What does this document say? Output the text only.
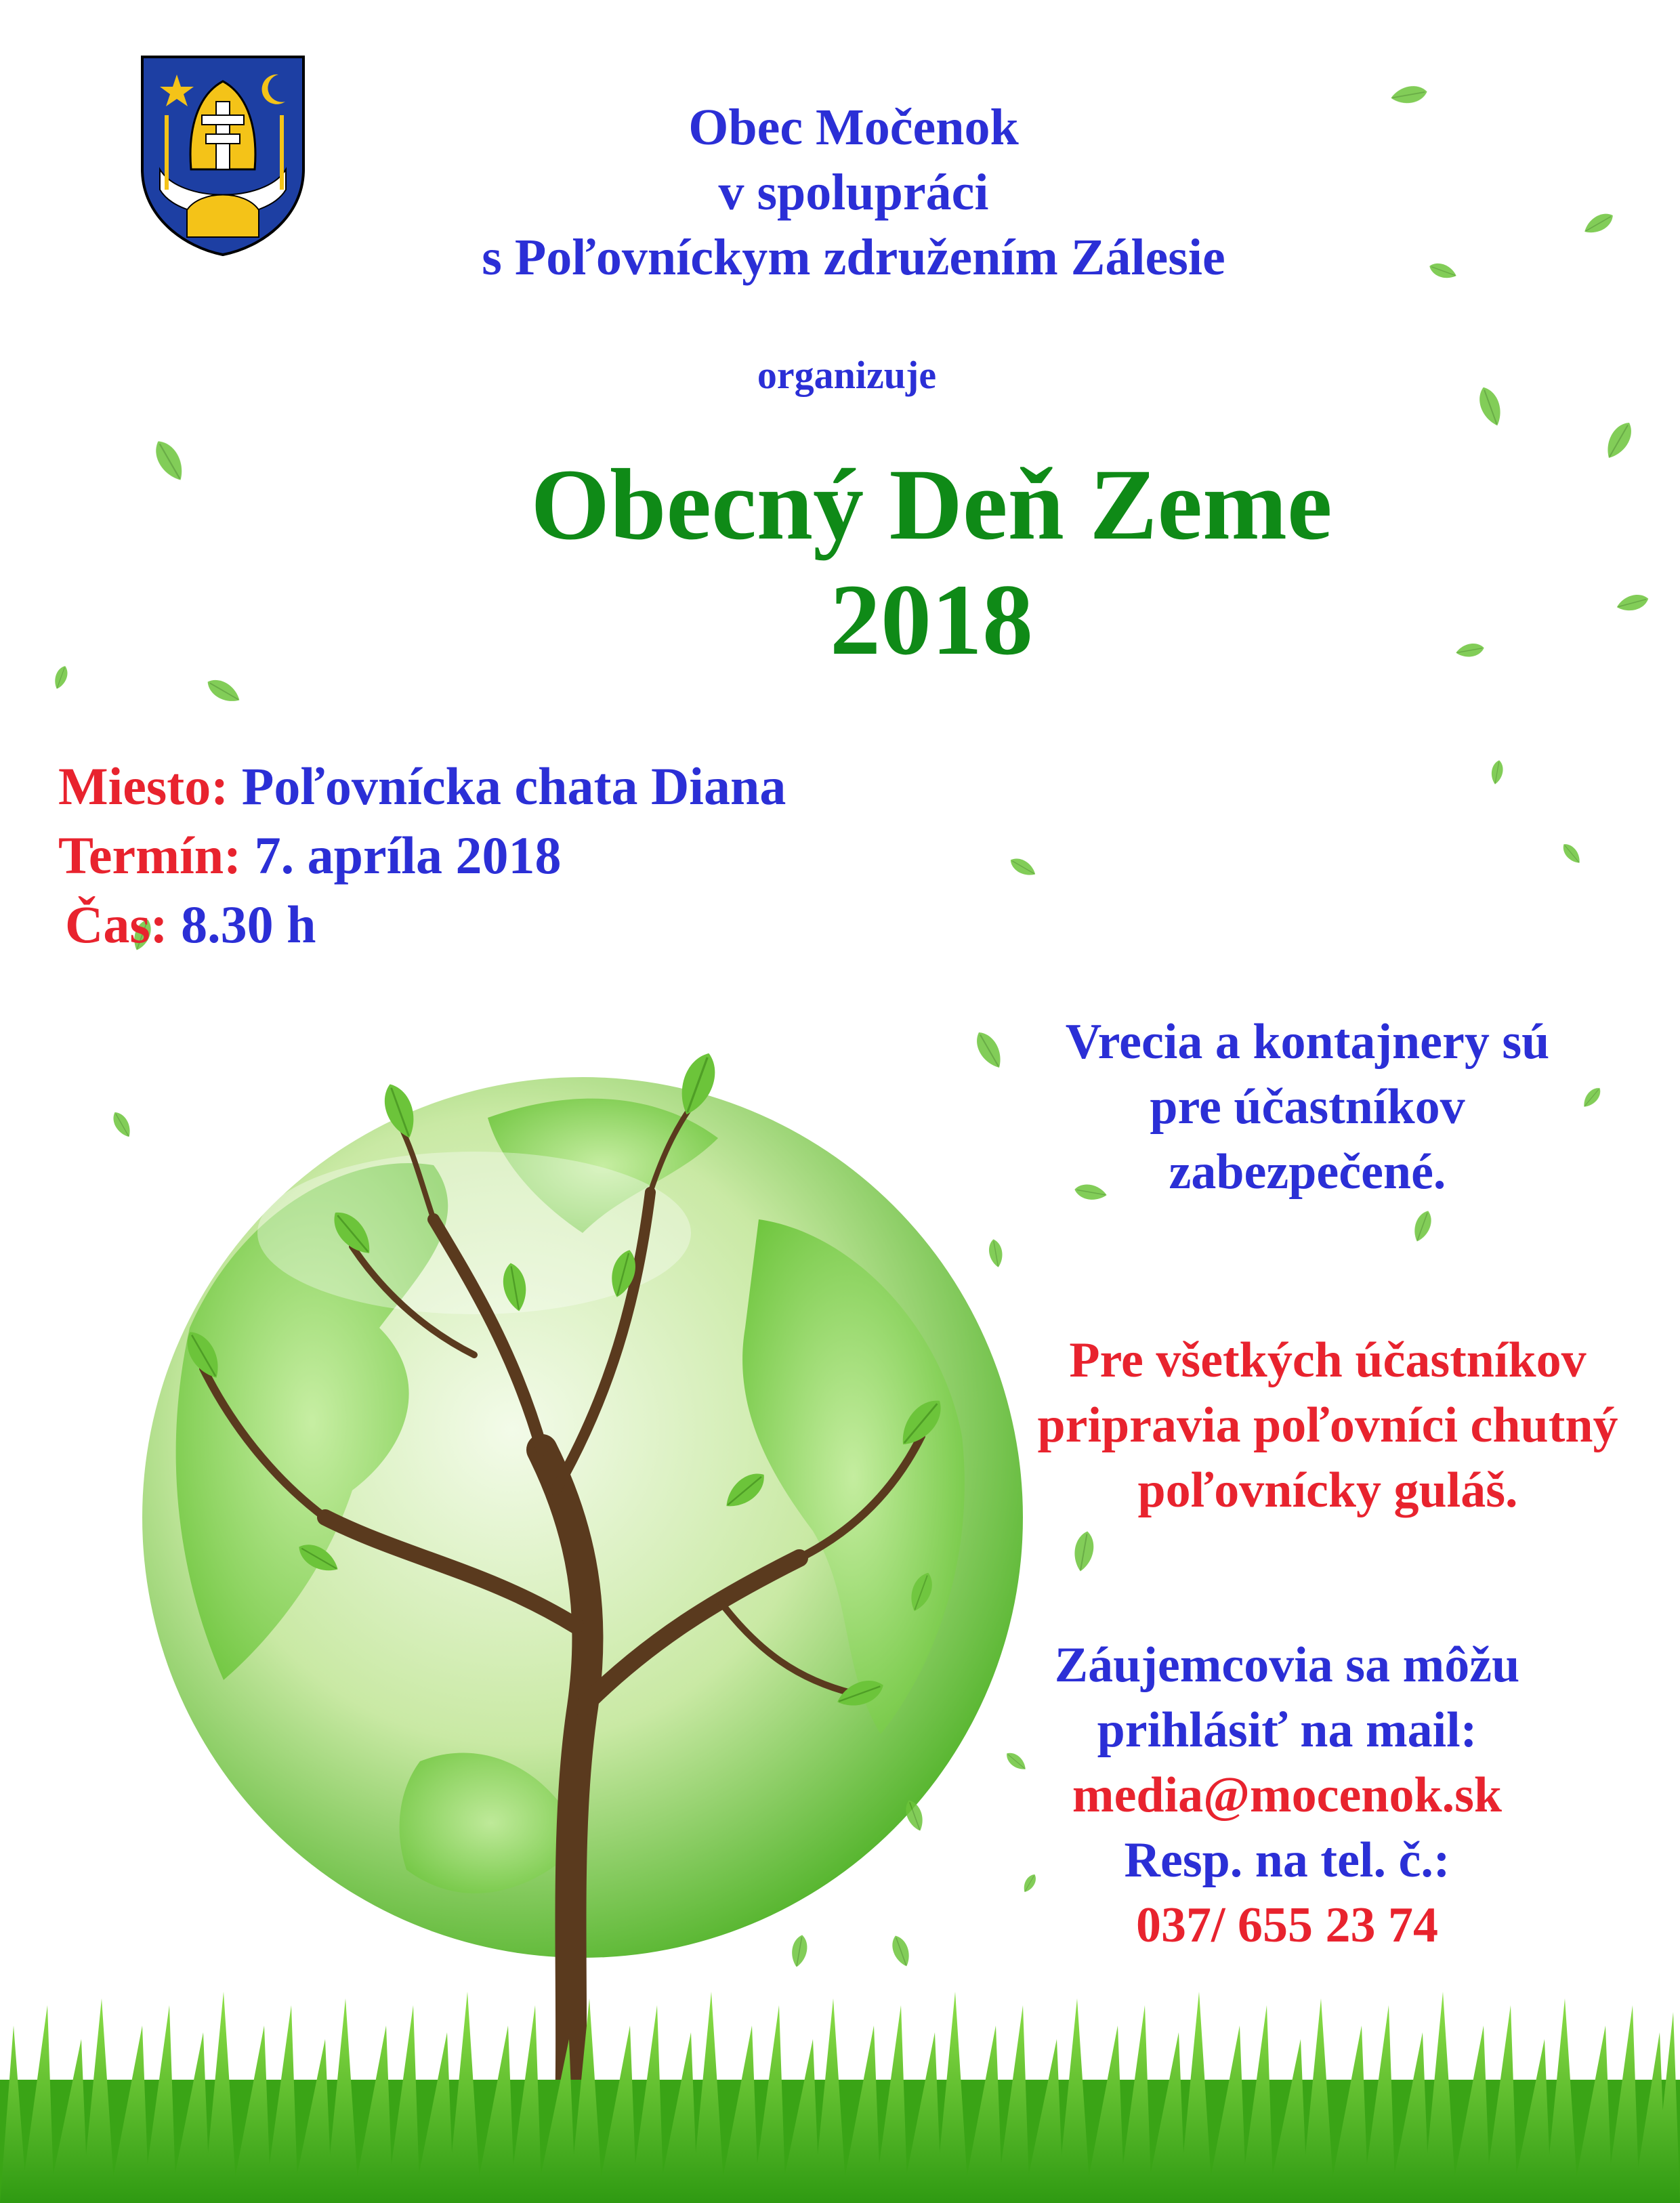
Obec Močenok
v spolupráci
s Poľovníckym združením Zálesie
organizuje
Obecný Deň Zeme
2018
Miesto: Poľovnícka chata Diana
Termín: 7. apríla 2018
Čas: 8.30 h
Vrecia a kontajnery sú
pre účastníkov
zabezpečené.
Pre všetkých účastníkov
pripravia poľovníci chutný
poľovnícky guláš.
Záujemcovia sa môžu
prihlásiť na mail:
media@mocenok.sk
Resp. na tel. č.:
037/ 655 23 74
